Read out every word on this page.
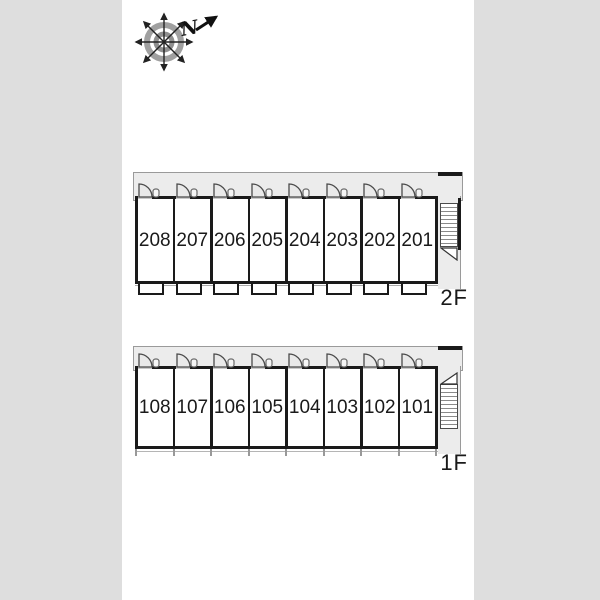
N
208 207 206 205 204 203 202 201
2F
108 107 106 105 104 103 102 101
1F
